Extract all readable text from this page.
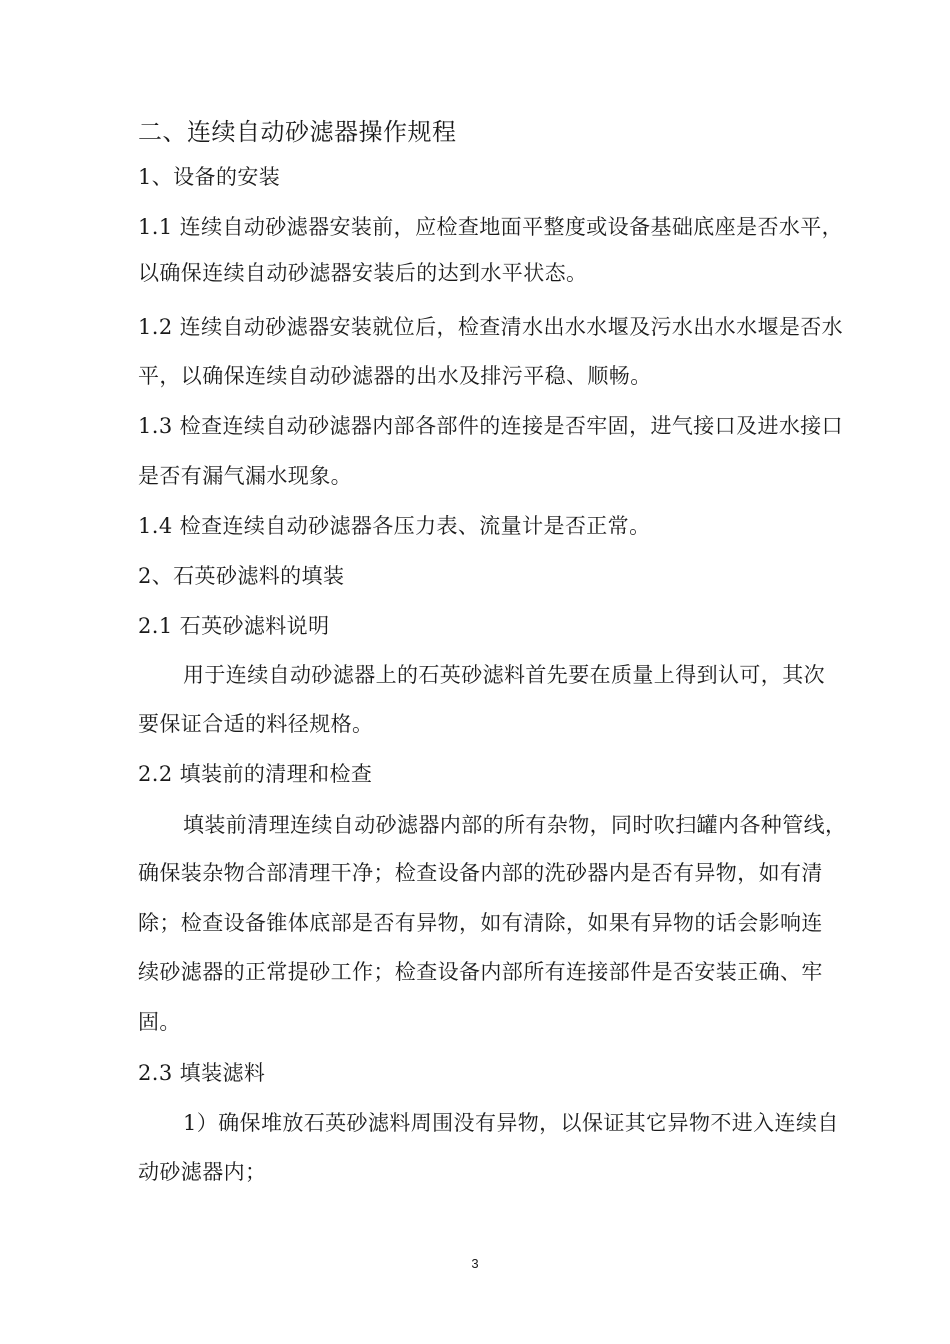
二、连续自动砂滤器操作规程
1、设备的安装
1.1 连续自动砂滤器安装前，应检查地面平整度或设备基础底座是否水平，
以确保连续自动砂滤器安装后的达到水平状态。
1.2 连续自动砂滤器安装就位后，检查清水出水水堰及污水出水水堰是否水
平，以确保连续自动砂滤器的出水及排污平稳、顺畅。
1.3 检查连续自动砂滤器内部各部件的连接是否牢固，进气接口及进水接口
是否有漏气漏水现象。
1.4 检查连续自动砂滤器各压力表、流量计是否正常。
2、石英砂滤料的填装
2.1 石英砂滤料说明
用于连续自动砂滤器上的石英砂滤料首先要在质量上得到认可，其次
要保证合适的料径规格。
2.2 填装前的清理和检查
填装前清理连续自动砂滤器内部的所有杂物，同时吹扫罐内各种管线，
确保装杂物合部清理干净；检查设备内部的洗砂器内是否有异物，如有清
除；检查设备锥体底部是否有异物，如有清除，如果有异物的话会影响连
续砂滤器的正常提砂工作；检查设备内部所有连接部件是否安装正确、牢
固。
2.3 填装滤料
1）确保堆放石英砂滤料周围没有异物，以保证其它异物不进入连续自
动砂滤器内；
3
